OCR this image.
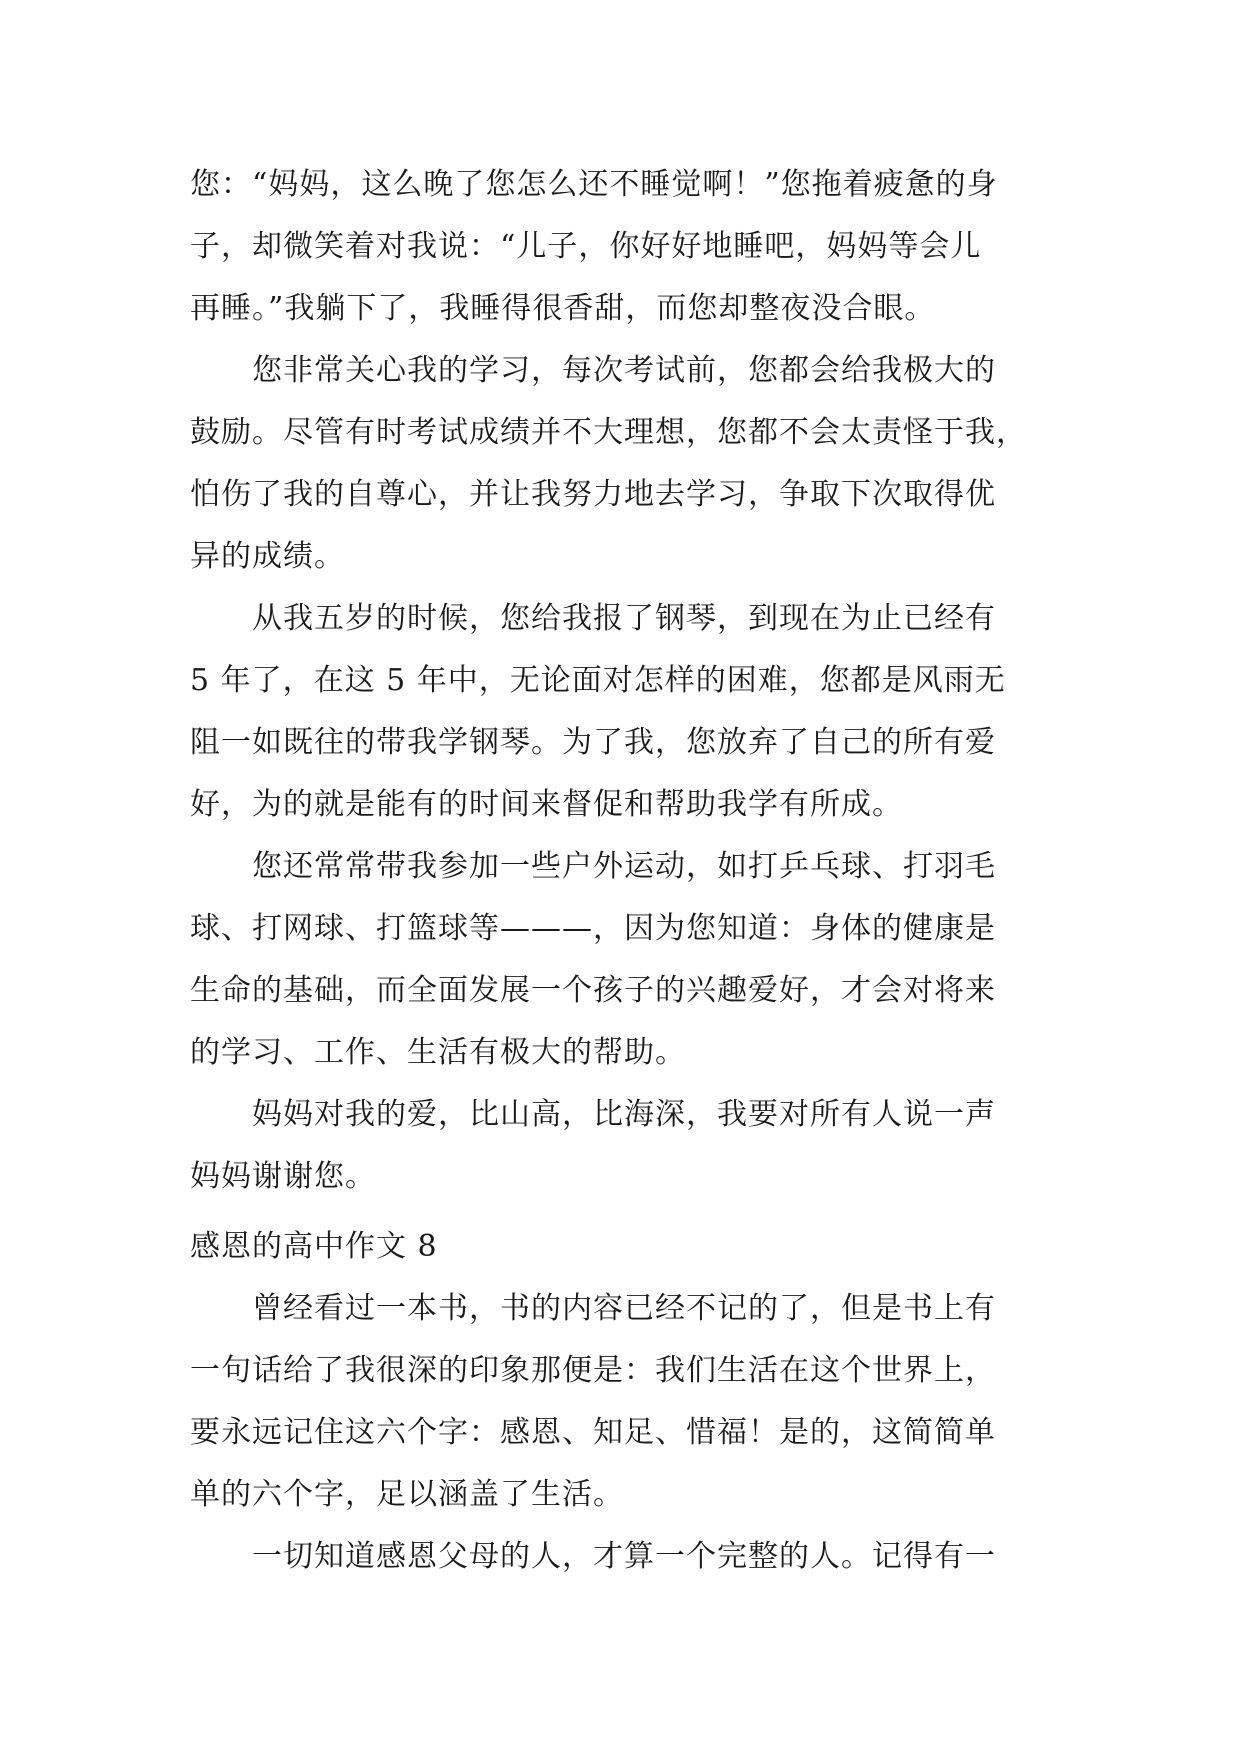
您：“妈妈，这么晚了您怎么还不睡觉啊！”您拖着疲惫的身
子，却微笑着对我说：“儿子，你好好地睡吧，妈妈等会儿
再睡。”我躺下了，我睡得很香甜，而您却整夜没合眼。
　　您非常关心我的学习，每次考试前，您都会给我极大的
鼓励。尽管有时考试成绩并不大理想，您都不会太责怪于我，
怕伤了我的自尊心，并让我努力地去学习，争取下次取得优
异的成绩。
　　从我五岁的时候，您给我报了钢琴，到现在为止已经有
5 年了，在这 5 年中，无论面对怎样的困难，您都是风雨无
阻一如既往的带我学钢琴。为了我，您放弃了自己的所有爱
好，为的就是能有的时间来督促和帮助我学有所成。
　　您还常常带我参加一些户外运动，如打乒乓球、打羽毛
球、打网球、打篮球等———，因为您知道：身体的健康是
生命的基础，而全面发展一个孩子的兴趣爱好，才会对将来
的学习、工作、生活有极大的帮助。
　　妈妈对我的爱，比山高，比海深，我要对所有人说一声
妈妈谢谢您。
感恩的高中作文 8
　　曾经看过一本书，书的内容已经不记的了，但是书上有
一句话给了我很深的印象那便是：我们生活在这个世界上，
要永远记住这六个字：感恩、知足、惜福！是的，这简简单
单的六个字，足以涵盖了生活。
　　一切知道感恩父母的人，才算一个完整的人。记得有一
